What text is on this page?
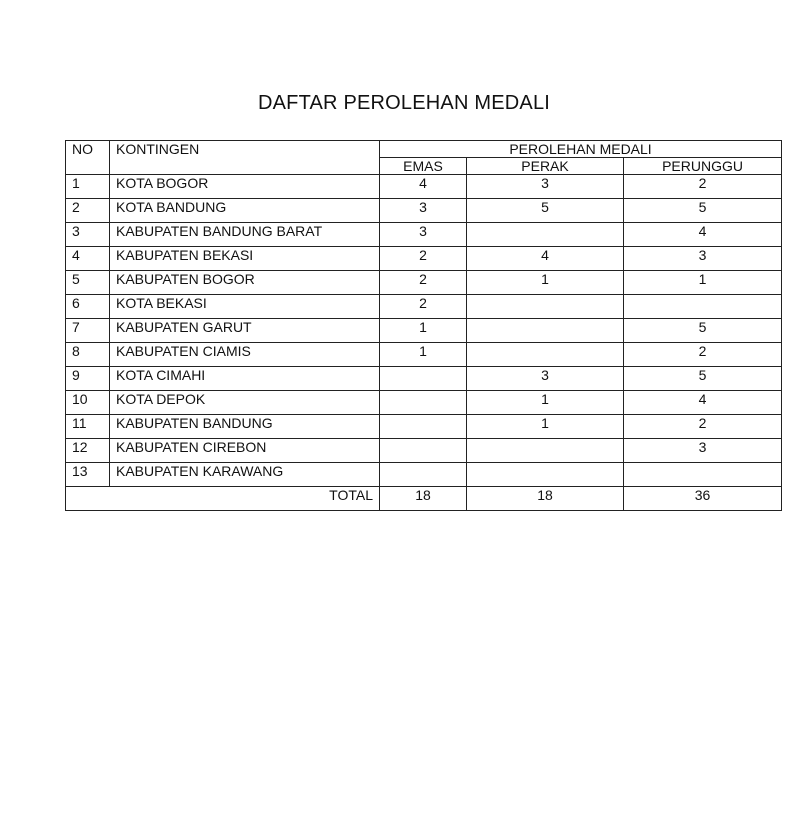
DAFTAR PEROLEHAN MEDALI
NO	KONTINGEN	PEROLEHAN MEDALI		
		EMAS	PERAK	PERUNGGU
1	KOTA BOGOR	4	3	2
2	KOTA BANDUNG	3	5	5
3	KABUPATEN BANDUNG BARAT	3		4
4	KABUPATEN BEKASI	2	4	3
5	KABUPATEN BOGOR	2	1	1
6	KOTA BEKASI	2		
7	KABUPATEN GARUT	1		5
8	KABUPATEN CIAMIS	1		2
9	KOTA CIMAHI		3	5
10	KOTA DEPOK		1	4
11	KABUPATEN BANDUNG		1	2
12	KABUPATEN CIREBON			3
13	KABUPATEN KARAWANG			
TOTAL		18	18	36
